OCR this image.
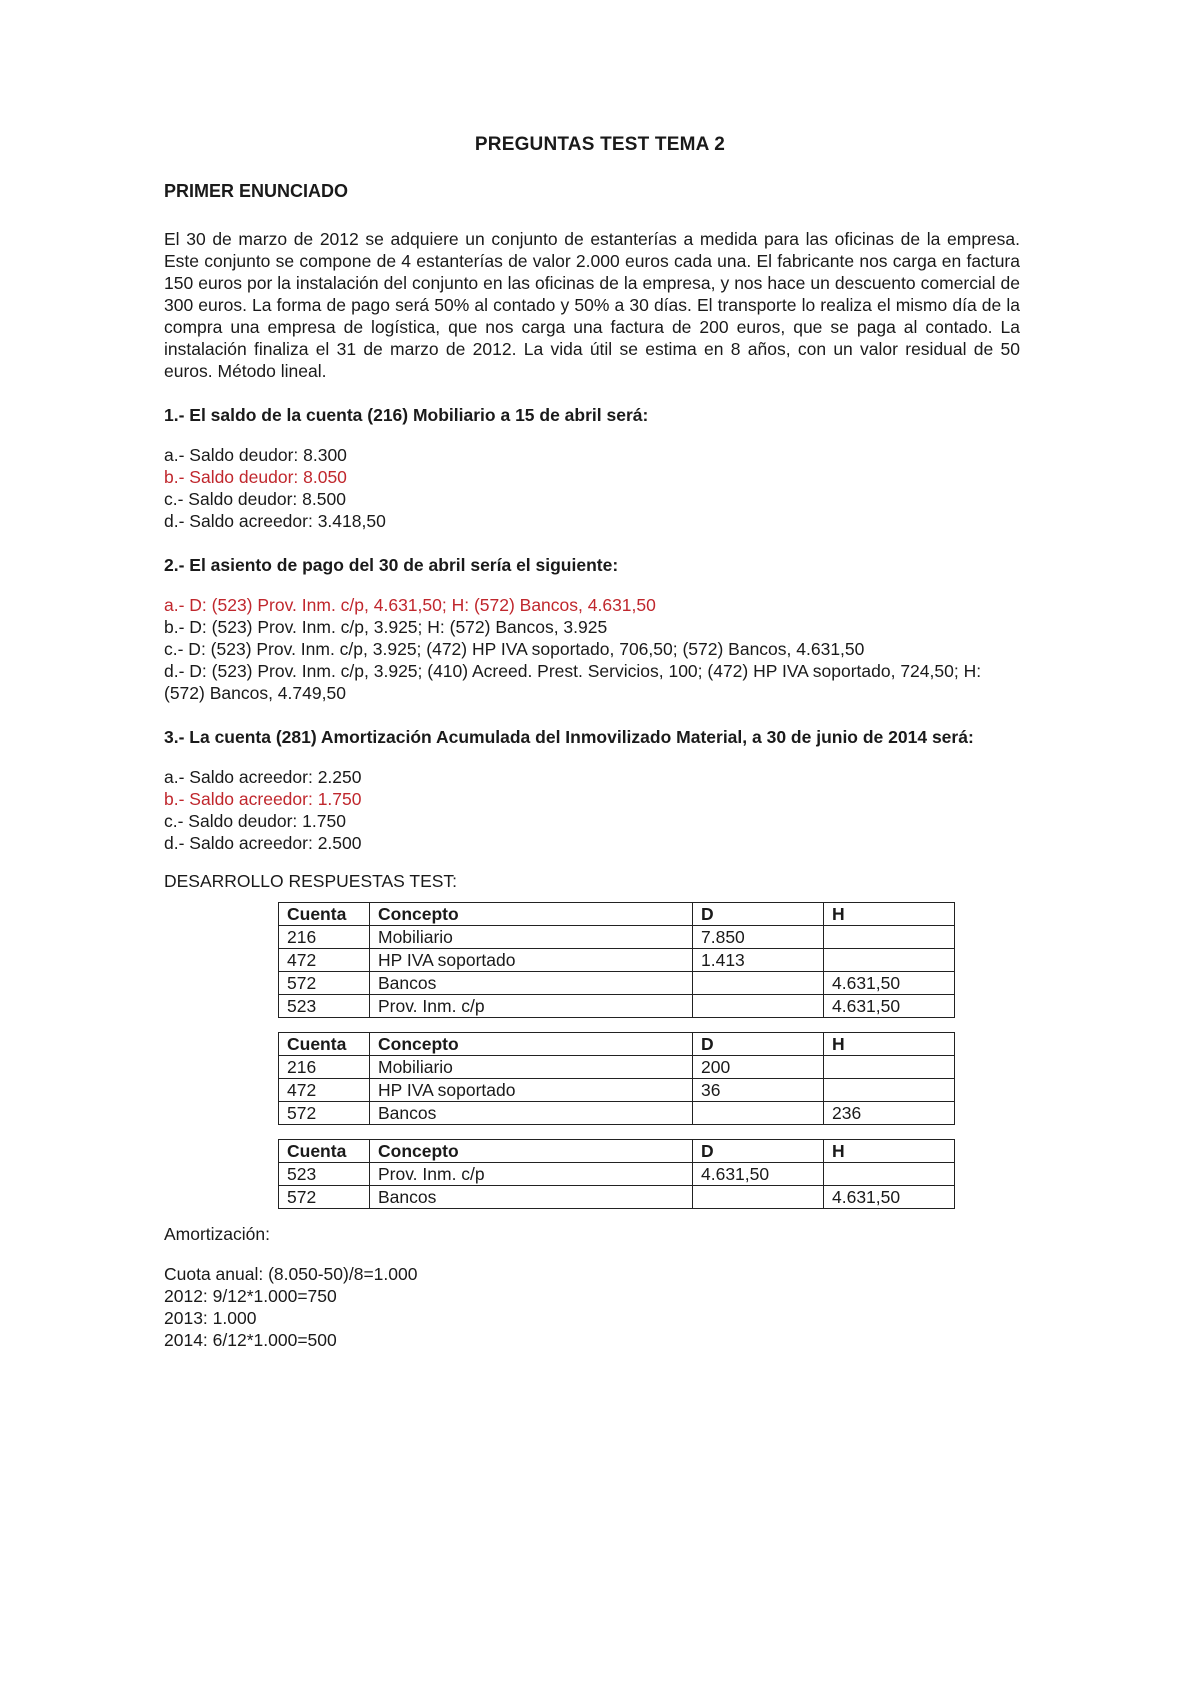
PREGUNTAS TEST TEMA 2

PRIMER ENUNCIADO

El 30 de marzo de 2012 se adquiere un conjunto de estanterías a medida para las oficinas de la empresa. Este conjunto se compone de 4 estanterías de valor 2.000 euros cada una. El fabricante nos carga en factura 150 euros por la instalación del conjunto en las oficinas de la empresa, y nos hace un descuento comercial de 300 euros. La forma de pago será 50% al contado y 50% a 30 días. El transporte lo realiza el mismo día de la compra una empresa de logística, que nos carga una factura de 200 euros, que se paga al contado. La instalación finaliza el 31 de marzo de 2012. La vida útil se estima en 8 años, con un valor residual de 50 euros. Método lineal.

1.- El saldo de la cuenta (216) Mobiliario a 15 de abril será:

a.- Saldo deudor: 8.300
b.- Saldo deudor: 8.050
c.- Saldo deudor: 8.500
d.- Saldo acreedor: 3.418,50

2.- El asiento de pago del 30 de abril sería el siguiente:

a.- D: (523) Prov. Inm. c/p, 4.631,50; H: (572) Bancos, 4.631,50
b.- D: (523) Prov. Inm. c/p, 3.925; H: (572) Bancos, 3.925
c.- D: (523) Prov. Inm. c/p, 3.925; (472) HP IVA soportado, 706,50; (572) Bancos, 4.631,50
d.- D: (523) Prov. Inm. c/p, 3.925; (410) Acreed. Prest. Servicios, 100; (472) HP IVA soportado, 724,50; H: (572) Bancos, 4.749,50

3.- La cuenta (281) Amortización Acumulada del Inmovilizado Material, a 30 de junio de 2014 será:

a.- Saldo acreedor: 2.250
b.- Saldo acreedor: 1.750
c.- Saldo deudor: 1.750
d.- Saldo acreedor: 2.500

DESARROLLO RESPUESTAS TEST:

Cuenta	Concepto	D	H
216	Mobiliario	7.850	
472	HP IVA soportado	1.413	
572	Bancos		4.631,50
523	Prov. Inm. c/p		4.631,50
Cuenta	Concepto	D	H
216	Mobiliario	200	
472	HP IVA soportado	36	
572	Bancos		236
Cuenta	Concepto	D	H
523	Prov. Inm. c/p	4.631,50	
572	Bancos		4.631,50

Amortización:

Cuota anual: (8.050-50)/8=1.000
2012: 9/12*1.000=750
2013: 1.000
2014: 6/12*1.000=500
